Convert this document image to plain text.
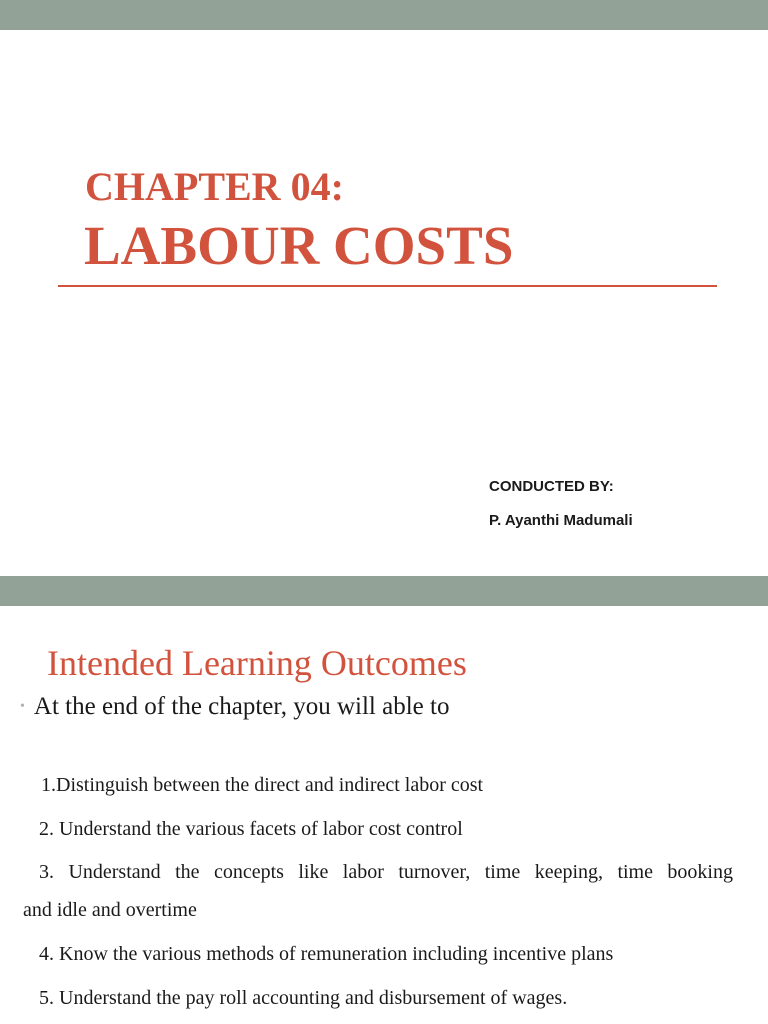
CHAPTER 04:
LABOUR COSTS
CONDUCTED BY:
P. Ayanthi Madumali
Intended Learning Outcomes
• At the end of the chapter, you will able to
1.Distinguish between the direct and indirect labor cost
2. Understand the various facets of labor cost control
3. Understand the concepts like labor turnover, time keeping, time booking
and idle and overtime
4. Know the various methods of remuneration including incentive plans
5. Understand the pay roll accounting and disbursement of wages.
